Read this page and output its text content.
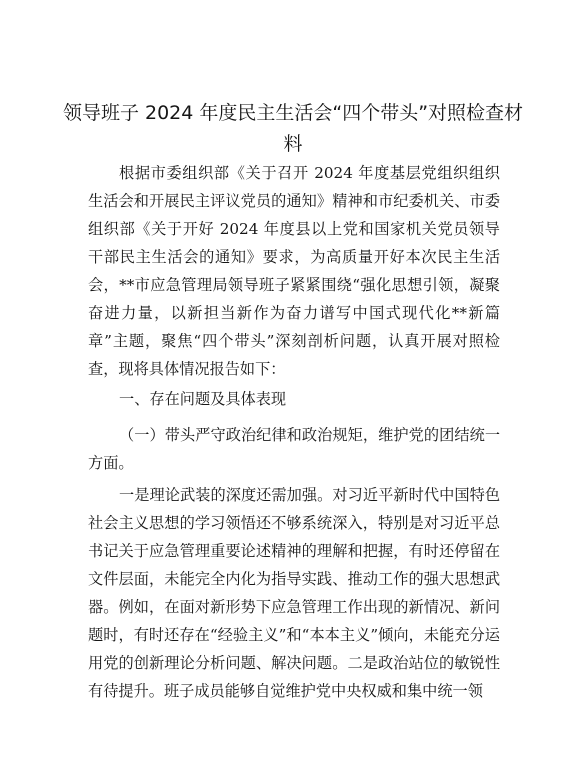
领导班子 2024 年度民主生活会“四个带头”对照检查材料

根据市委组织部《关于召开 2024 年度基层党组织组织生活会和开展民主评议党员的通知》精神和市纪委机关、市委组织部《关于开好 2024 年度县以上党和国家机关党员领导干部民主生活会的通知》要求，为高质量开好本次民主生活会，**市应急管理局领导班子紧紧围绕“强化思想引领，凝聚奋进力量，以新担当新作为奋力谱写中国式现代化**新篇章”主题，聚焦“四个带头”深刻剖析问题，认真开展对照检查，现将具体情况报告如下：

一、存在问题及具体表现

（一）带头严守政治纪律和政治规矩，维护党的团结统一方面。

一是理论武装的深度还需加强。对习近平新时代中国特色社会主义思想的学习领悟还不够系统深入，特别是对习近平总书记关于应急管理重要论述精神的理解和把握，有时还停留在文件层面，未能完全内化为指导实践、推动工作的强大思想武器。例如，在面对新形势下应急管理工作出现的新情况、新问题时，有时还存在“经验主义”和“本本主义”倾向，未能充分运用党的创新理论分析问题、解决问题。二是政治站位的敏锐性有待提升。班子成员能够自觉维护党中央权威和集中统一领
